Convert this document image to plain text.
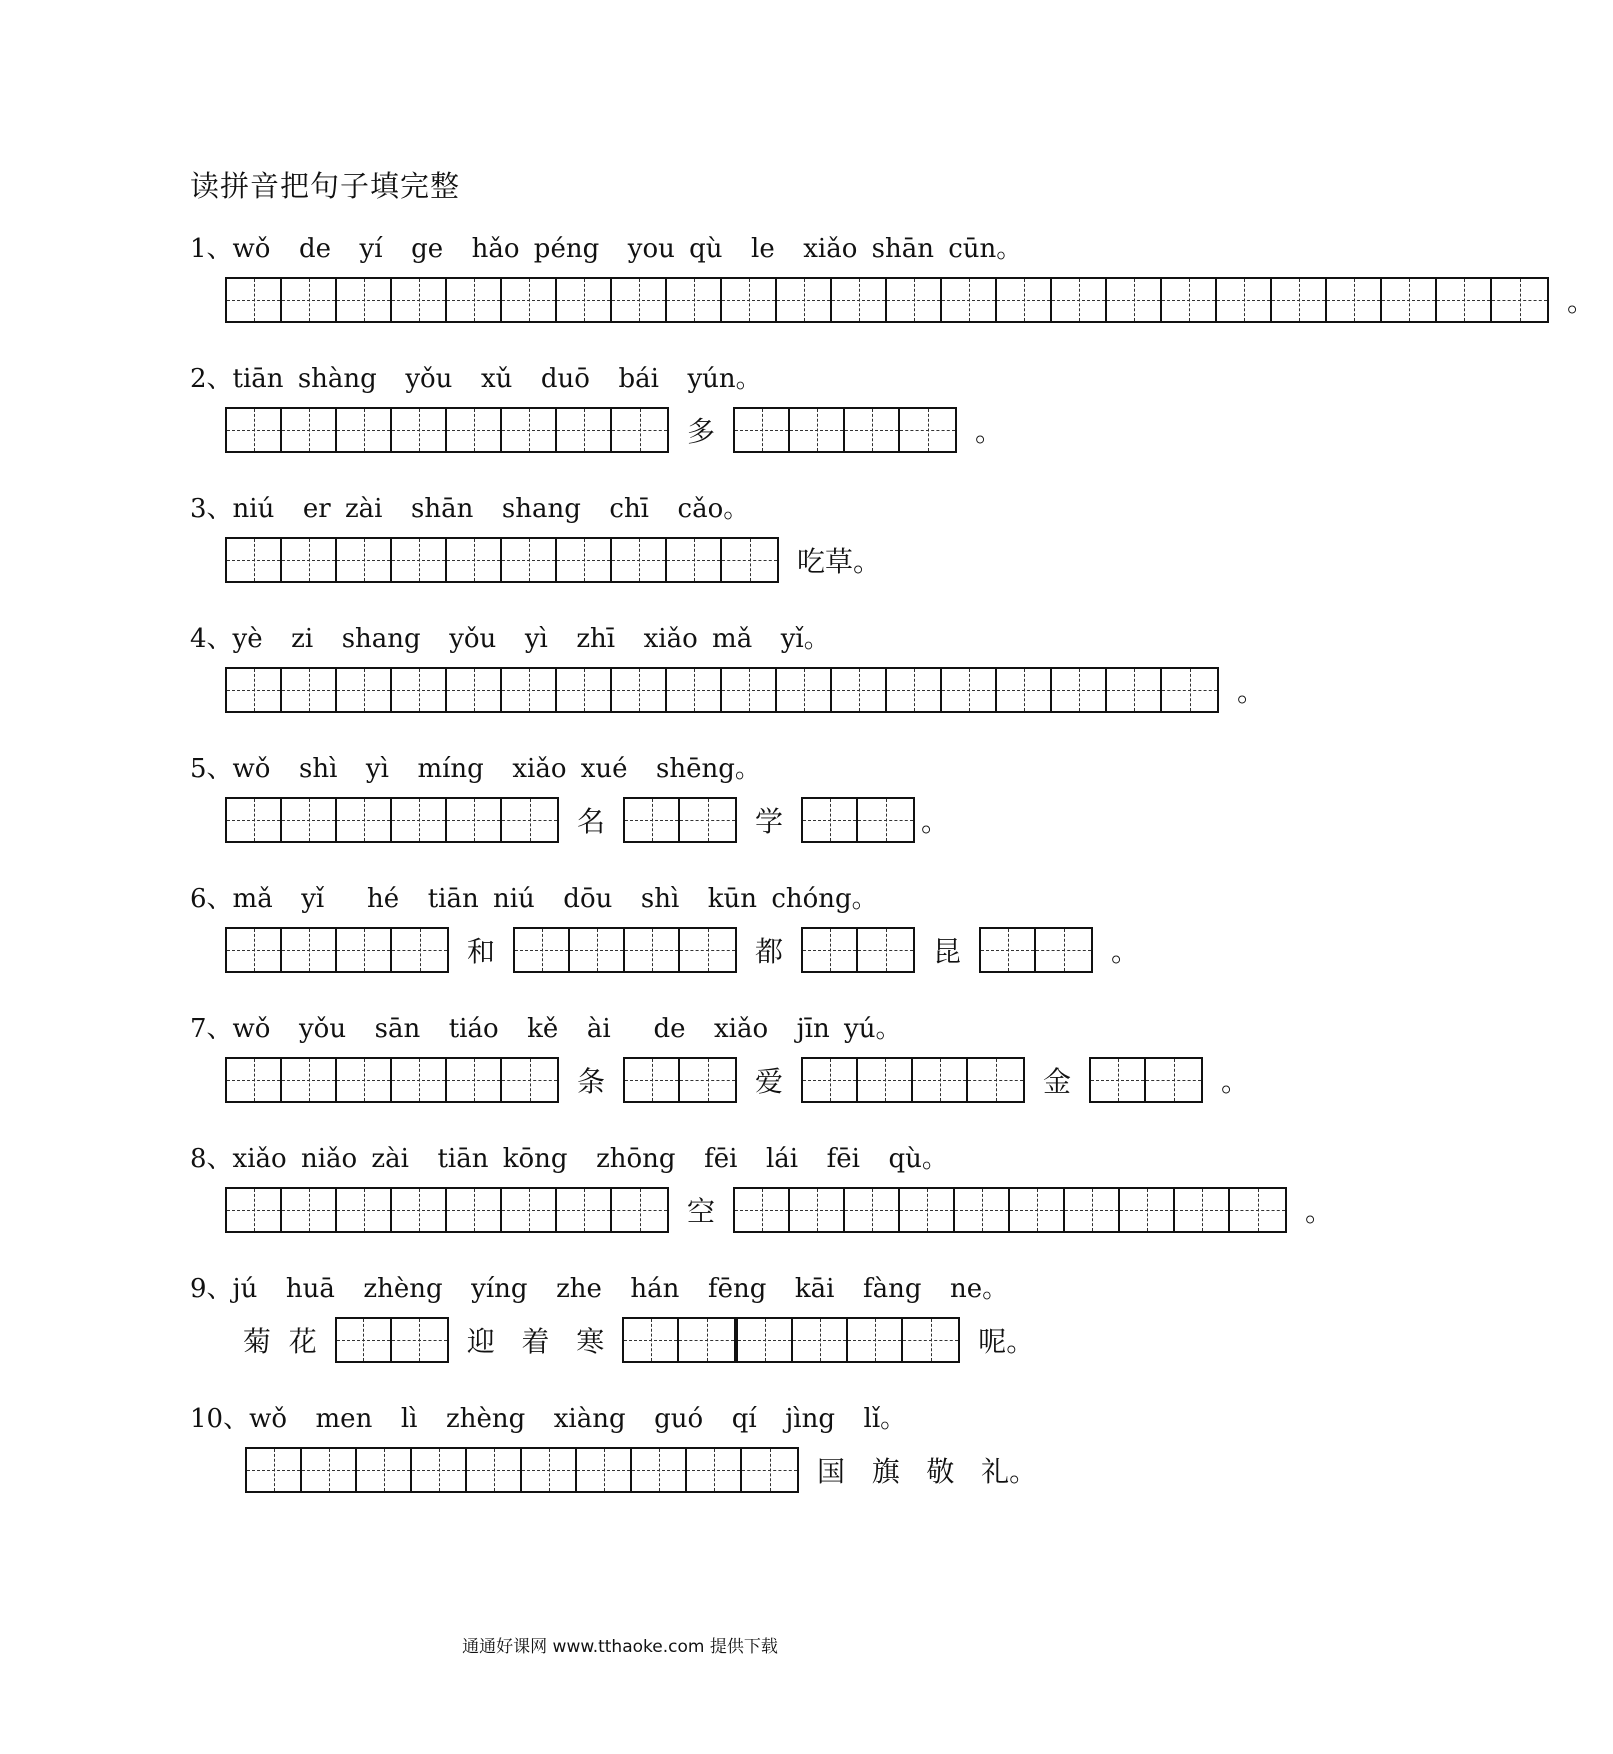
读拼音把句子填完整
1、wǒ  de  yí  ge  hǎo péng  you qù  le  xiǎo shān cūn。
。
2、tiān shàng  yǒu  xǔ  duō  bái  yún。
多	。
3、niú  er zài  shān  shang  chī  cǎo。
吃草。
4、yè  zi  shang  yǒu  yì  zhī  xiǎo mǎ  yǐ。
。
5、wǒ  shì  yì  míng  xiǎo xué  shēng。
名	学	。
6、mǎ  yǐ   hé  tiān niú  dōu  shì  kūn chóng。
和	都	昆	。
7、wǒ  yǒu  sān  tiáo  kě  ài   de  xiǎo  jīn yú。
条	爱	金	。
8、xiǎo niǎo zài  tiān kōng  zhōng  fēi  lái  fēi  qù。
空	。
9、jú  huā  zhèng  yíng  zhe  hán  fēng  kāi  fàng  ne。
菊  花	迎   着   寒	呢。
10、wǒ  men  lì  zhèng  xiàng  guó  qí  jìng  lǐ。
国   旗   敬   礼。
通通好课网 www.tthaoke.com 提供下载
